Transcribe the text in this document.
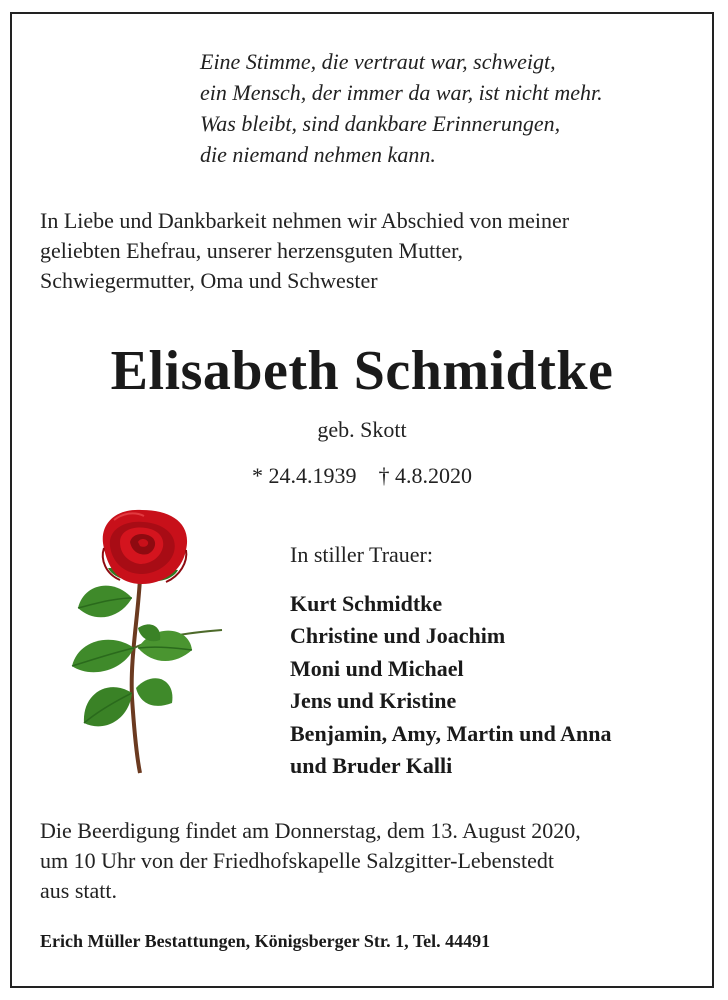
Eine Stimme, die vertraut war, schweigt,
ein Mensch, der immer da war, ist nicht mehr.
Was bleibt, sind dankbare Erinnerungen,
die niemand nehmen kann.
In Liebe und Dankbarkeit nehmen wir Abschied von meiner
geliebten Ehefrau, unserer herzensguten Mutter,
Schwiegermutter, Oma und Schwester
Elisabeth Schmidtke
geb. Skott
* 24.4.1939 † 4.8.2020
In stiller Trauer:
Kurt Schmidtke
Christine und Joachim
Moni und Michael
Jens und Kristine
Benjamin, Amy, Martin und Anna
und Bruder Kalli
Die Beerdigung findet am Donnerstag, dem 13. August 2020,
um 10 Uhr von der Friedhofskapelle Salzgitter-Lebenstedt
aus statt.
Erich Müller Bestattungen, Königsberger Str. 1, Tel. 44491
